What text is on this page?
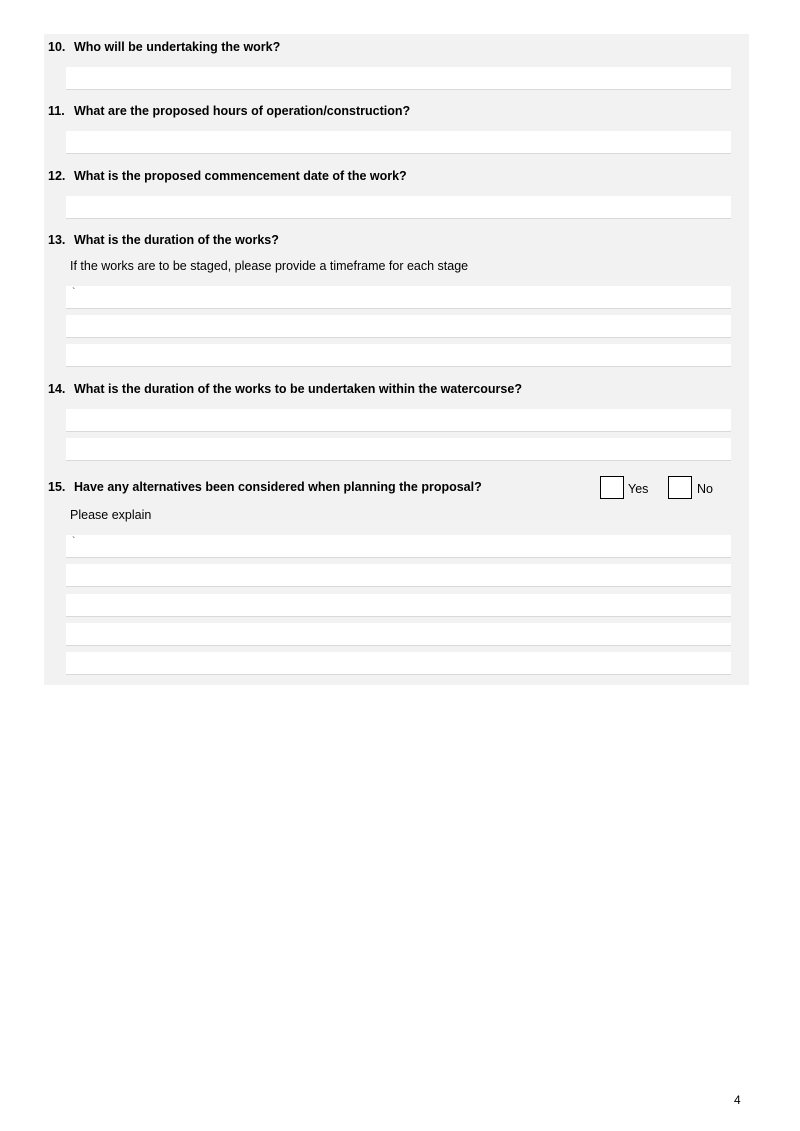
10. Who will be undertaking the work?
11. What are the proposed hours of operation/construction?
12. What is the proposed commencement date of the work?
13. What is the duration of the works?
If the works are to be staged, please provide a timeframe for each stage
`
14. What is the duration of the works to be undertaken within the watercourse?
15. Have any alternatives been considered when planning the proposal?	Yes	No
Please explain
`
4
